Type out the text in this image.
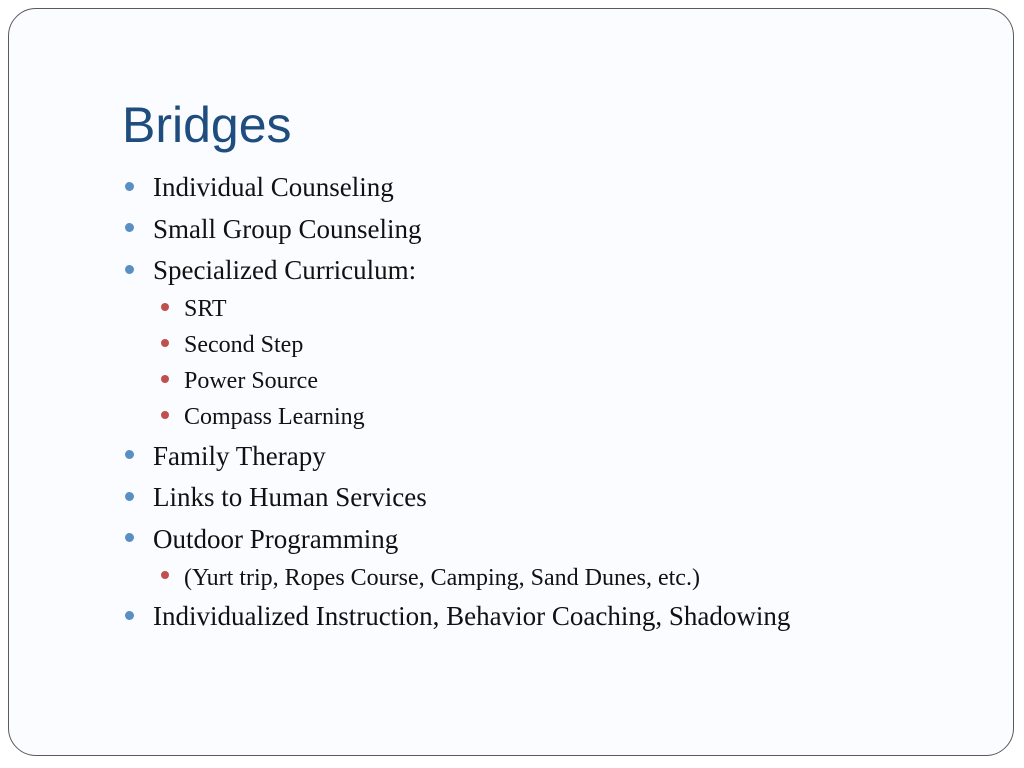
Bridges
Individual Counseling
Small Group Counseling
Specialized Curriculum:
SRT
Second Step
Power Source
Compass Learning
Family Therapy
Links to Human Services
Outdoor Programming
(Yurt trip, Ropes Course, Camping, Sand Dunes, etc.)
Individualized Instruction, Behavior Coaching, Shadowing
